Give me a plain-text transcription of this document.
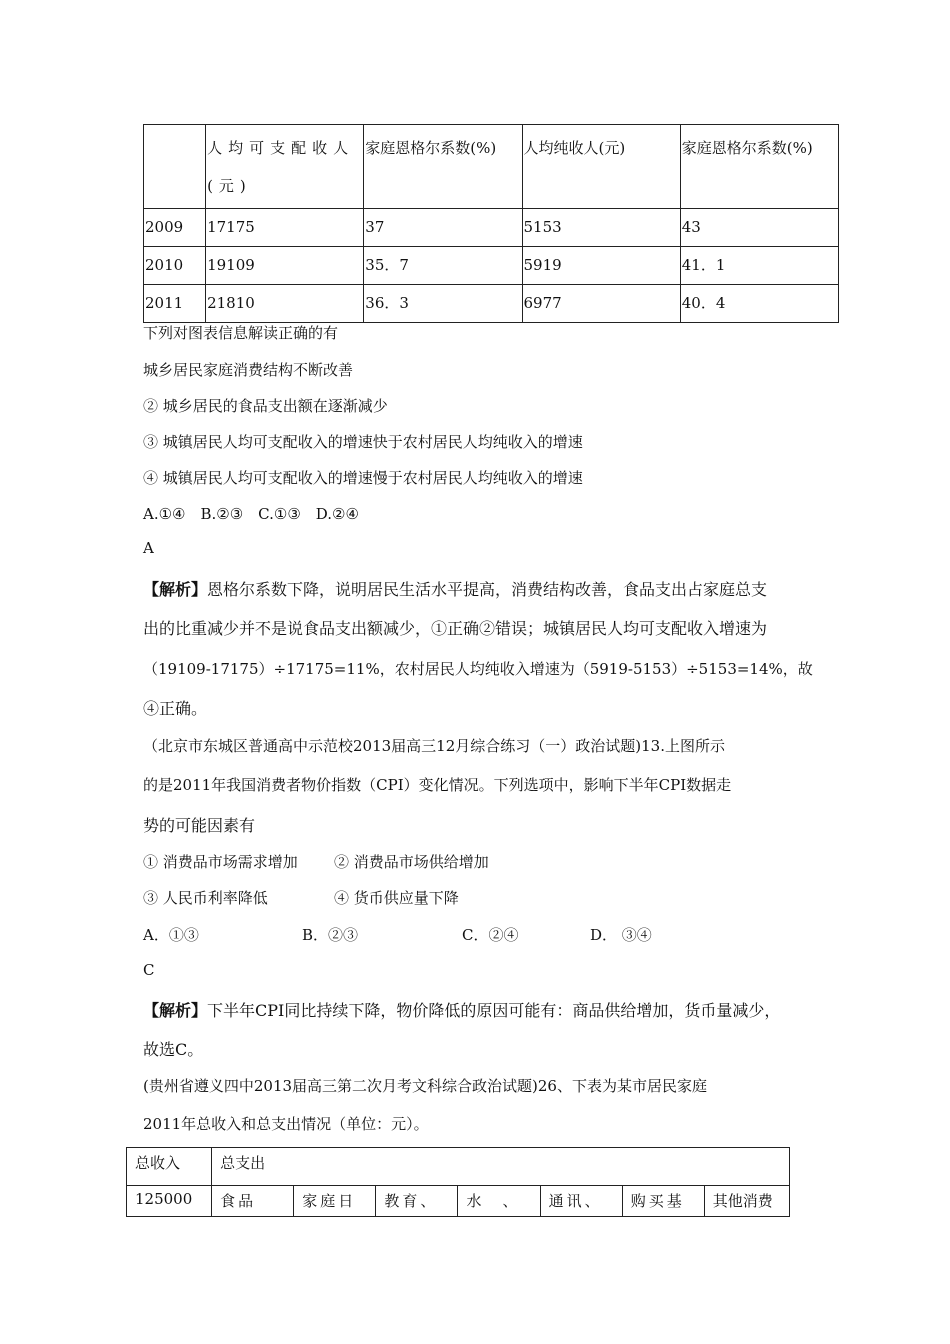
	人均可支配收人(元)	家庭恩格尔系数(%)	人均纯收人(元)	家庭恩格尔系数(%)
2009	17175	37	5153	43
2010	19109	35．7	5919	41．1
2011	21810	36．3	6977	40．4
下列对图表信息解读正确的有
城乡居民家庭消费结构不断改善
② 城乡居民的食品支出额在逐渐减少
③ 城镇居民人均可支配收入的增速快于农村居民人均纯收入的增速
④ 城镇居民人均可支配收入的增速慢于农村居民人均纯收入的增速
A.①④　B.②③　C.①③　D.②④
A
【解析】恩格尔系数下降，说明居民生活水平提高，消费结构改善，食品支出占家庭总支
出的比重减少并不是说食品支出额减少，①正确②错误；城镇居民人均可支配收入增速为
（19109-17175）÷17175=11%，农村居民人均纯收入增速为（5919-5153）÷5153=14%，故
④正确。
（北京市东城区普通高中示范校2013届高三12月综合练习（一）政治试题)13.上图所示
的是2011年我国消费者物价指数（CPI）变化情况。下列选项中，影响下半年CPI数据走
势的可能因素有
① 消费品市场需求增加 ② 消费品市场供给增加
③ 人民币利率降低	④ 货币供应量下降
A．①③	B．②③	C．②④	D． ③④
C
【解析】下半年CPI同比持续下降，物价降低的原因可能有：商品供给增加，货币量减少，
故选C。
(贵州省遵义四中2013届高三第二次月考文科综合政治试题)26、下表为某市居民家庭
2011年总收入和总支出情况（单位：元）。
总收入	总支出						
125000	食品	家庭日	教育、	水　、	通讯、	购买基	其他消费
